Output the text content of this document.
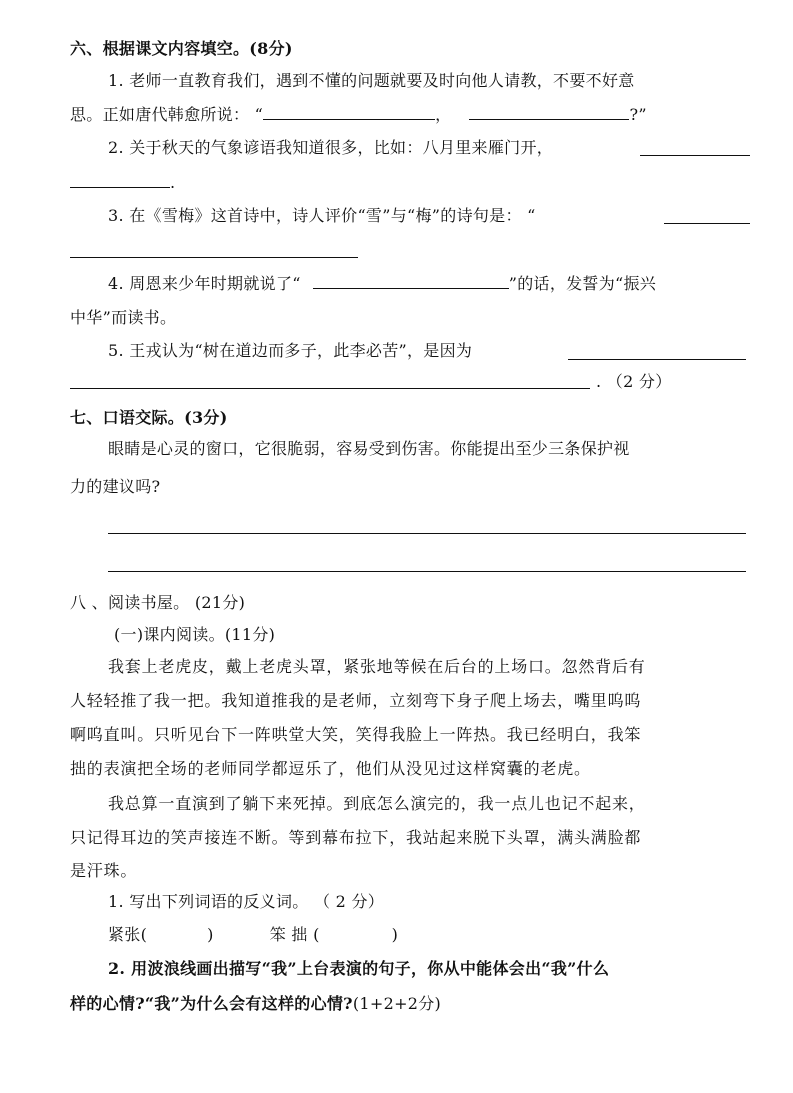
六、根据课文内容填空。(8分)
1. 老师一直教育我们，遇到不懂的问题就要及时向他人请教，不要不好意
思。正如唐代韩愈所说： “	，	?”
2. 关于秋天的气象谚语我知道很多，比如：八月里来雁门开，
.
3. 在《雪梅》这首诗中，诗人评价“雪”与“梅”的诗句是： “
4. 周恩来少年时期就说了“	”的话，发誓为“振兴
中华”而读书。
5. 王戎认为“树在道边而多子，此李必苦”，是因为
. （2 分）
七、口语交际。(3分)
眼睛是心灵的窗口，它很脆弱，容易受到伤害。你能提出至少三条保护视
力的建议吗?
八 、阅读书屋。 (21分)
(一)课内阅读。(11分)
我套上老虎皮，戴上老虎头罩，紧张地等候在后台的上场口。忽然背后有
人轻轻推了我一把。我知道推我的是老师，立刻弯下身子爬上场去，嘴里呜呜
啊呜直叫。只听见台下一阵哄堂大笑，笑得我脸上一阵热。我已经明白，我笨
拙的表演把全场的老师同学都逗乐了，他们从没见过这样窝囊的老虎。
我总算一直演到了躺下来死掉。到底怎么演完的，我一点儿也记不起来，
只记得耳边的笑声接连不断。等到幕布拉下，我站起来脱下头罩，满头满脸都
是汗珠。
1. 写出下列词语的反义词。 （ 2 分）
紧张(	)	笨 拙 (	)
2. 用波浪线画出描写“我”上台表演的句子，你从中能体会出“我”什么
样的心情?“我”为什么会有这样的心情?(1+2+2分)
